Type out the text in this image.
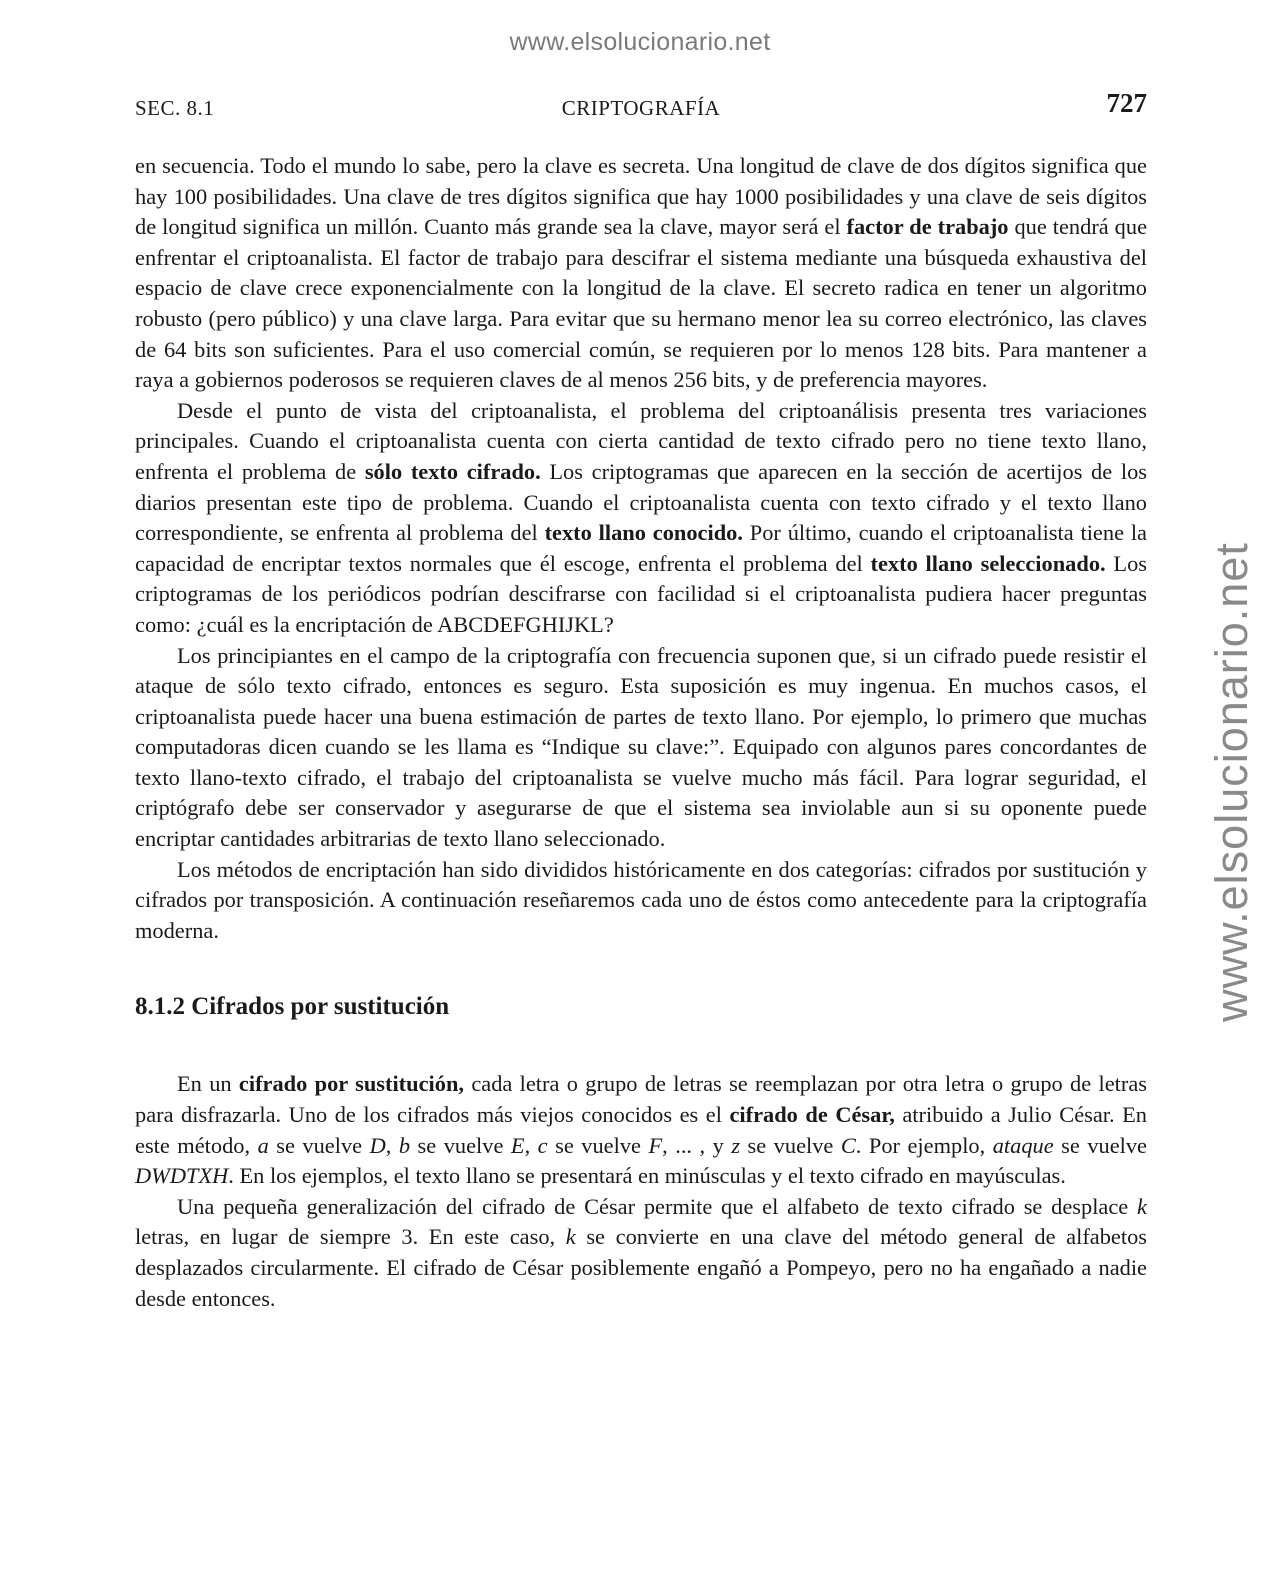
www.elsolucionario.net
www.elsolucionario.net
SEC. 8.1	CRIPTOGRAFÍA	727

en secuencia. Todo el mundo lo sabe, pero la clave es secreta. Una longitud de clave de dos dígitos significa que hay 100 posibilidades. Una clave de tres dígitos significa que hay 1000 posibilidades y una clave de seis dígitos de longitud significa un millón. Cuanto más grande sea la clave, mayor será el factor de trabajo que tendrá que enfrentar el criptoanalista. El factor de trabajo para descifrar el sistema mediante una búsqueda exhaustiva del espacio de clave crece exponencialmente con la longitud de la clave. El secreto radica en tener un algoritmo robusto (pero público) y una clave larga. Para evitar que su hermano menor lea su correo electrónico, las claves de 64 bits son suficientes. Para el uso comercial común, se requieren por lo menos 128 bits. Para mantener a raya a gobiernos poderosos se requieren claves de al menos 256 bits, y de preferencia mayores.

Desde el punto de vista del criptoanalista, el problema del criptoanálisis presenta tres variaciones principales. Cuando el criptoanalista cuenta con cierta cantidad de texto cifrado pero no tiene texto llano, enfrenta el problema de sólo texto cifrado. Los criptogramas que aparecen en la sección de acertijos de los diarios presentan este tipo de problema. Cuando el criptoanalista cuenta con texto cifrado y el texto llano correspondiente, se enfrenta al problema del texto llano conocido. Por último, cuando el criptoanalista tiene la capacidad de encriptar textos normales que él escoge, enfrenta el problema del texto llano seleccionado. Los criptogramas de los periódicos podrían descifrarse con facilidad si el criptoanalista pudiera hacer preguntas como: ¿cuál es la encriptación de ABCDEFGHIJKL?

Los principiantes en el campo de la criptografía con frecuencia suponen que, si un cifrado puede resistir el ataque de sólo texto cifrado, entonces es seguro. Esta suposición es muy ingenua. En muchos casos, el criptoanalista puede hacer una buena estimación de partes de texto llano. Por ejemplo, lo primero que muchas computadoras dicen cuando se les llama es “Indique su clave:”. Equipado con algunos pares concordantes de texto llano-texto cifrado, el trabajo del criptoanalista se vuelve mucho más fácil. Para lograr seguridad, el criptógrafo debe ser conservador y asegurarse de que el sistema sea inviolable aun si su oponente puede encriptar cantidades arbitrarias de texto llano seleccionado.

Los métodos de encriptación han sido divididos históricamente en dos categorías: cifrados por sustitución y cifrados por transposición. A continuación reseñaremos cada uno de éstos como antecedente para la criptografía moderna.

8.1.2 Cifrados por sustitución

En un cifrado por sustitución, cada letra o grupo de letras se reemplazan por otra letra o grupo de letras para disfrazarla. Uno de los cifrados más viejos conocidos es el cifrado de César, atribuido a Julio César. En este método, a se vuelve D, b se vuelve E, c se vuelve F, ... , y z se vuelve C. Por ejemplo, ataque se vuelve DWDTXH. En los ejemplos, el texto llano se presentará en minúsculas y el texto cifrado en mayúsculas.

Una pequeña generalización del cifrado de César permite que el alfabeto de texto cifrado se desplace k letras, en lugar de siempre 3. En este caso, k se convierte en una clave del método general de alfabetos desplazados circularmente. El cifrado de César posiblemente engañó a Pompeyo, pero no ha engañado a nadie desde entonces.
